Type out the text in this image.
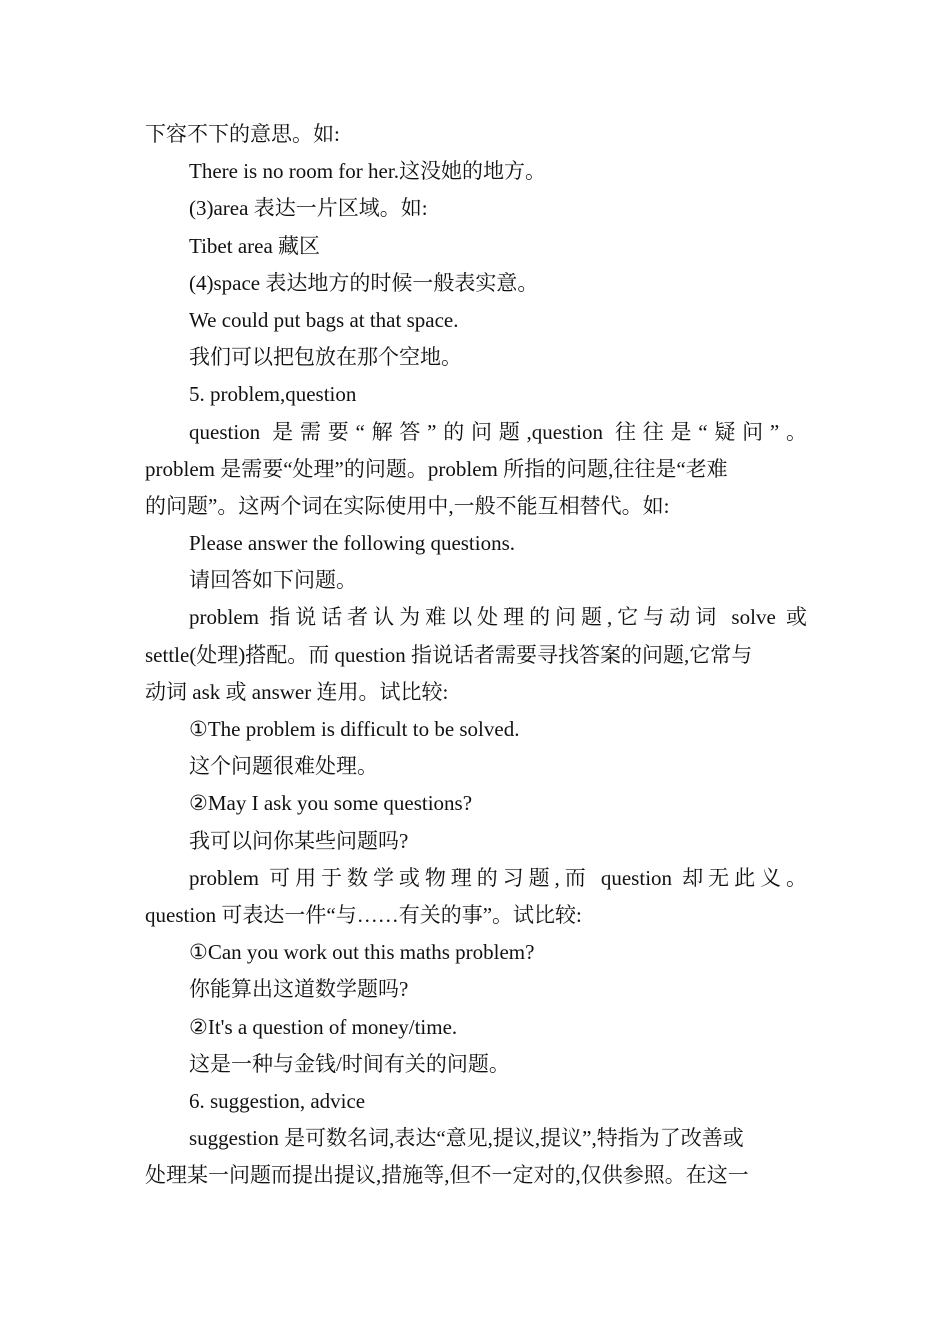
下容不下的意思。如:
There is no room for her.这没她的地方。
(3)area 表达一片区域。如:
Tibet area 藏区
(4)space 表达地方的时候一般表实意。
We could put bags at that space.
我们可以把包放在那个空地。
5. problem,question
question 是需要“解答”的问题,question 往往是“疑问”。
problem 是需要“处理”的问题。problem 所指的问题,往往是“老难
的问题”。这两个词在实际使用中,一般不能互相替代。如:
Please answer the following questions.
请回答如下问题。
problem 指说话者认为难以处理的问题,它与动词 solve 或
settle(处理)搭配。而 question 指说话者需要寻找答案的问题,它常与
动词 ask 或 answer 连用。试比较:
①The problem is difficult to be solved.
这个问题很难处理。
②May I ask you some questions?
我可以问你某些问题吗?
problem 可用于数学或物理的习题,而 question 却无此义。
question 可表达一件“与……有关的事”。试比较:
①Can you work out this maths problem?
你能算出这道数学题吗?
②It's a question of money/time.
这是一种与金钱/时间有关的问题。
6. suggestion, advice
suggestion 是可数名词,表达“意见,提议,提议”,特指为了改善或
处理某一问题而提出提议,措施等,但不一定对的,仅供参照。在这一
